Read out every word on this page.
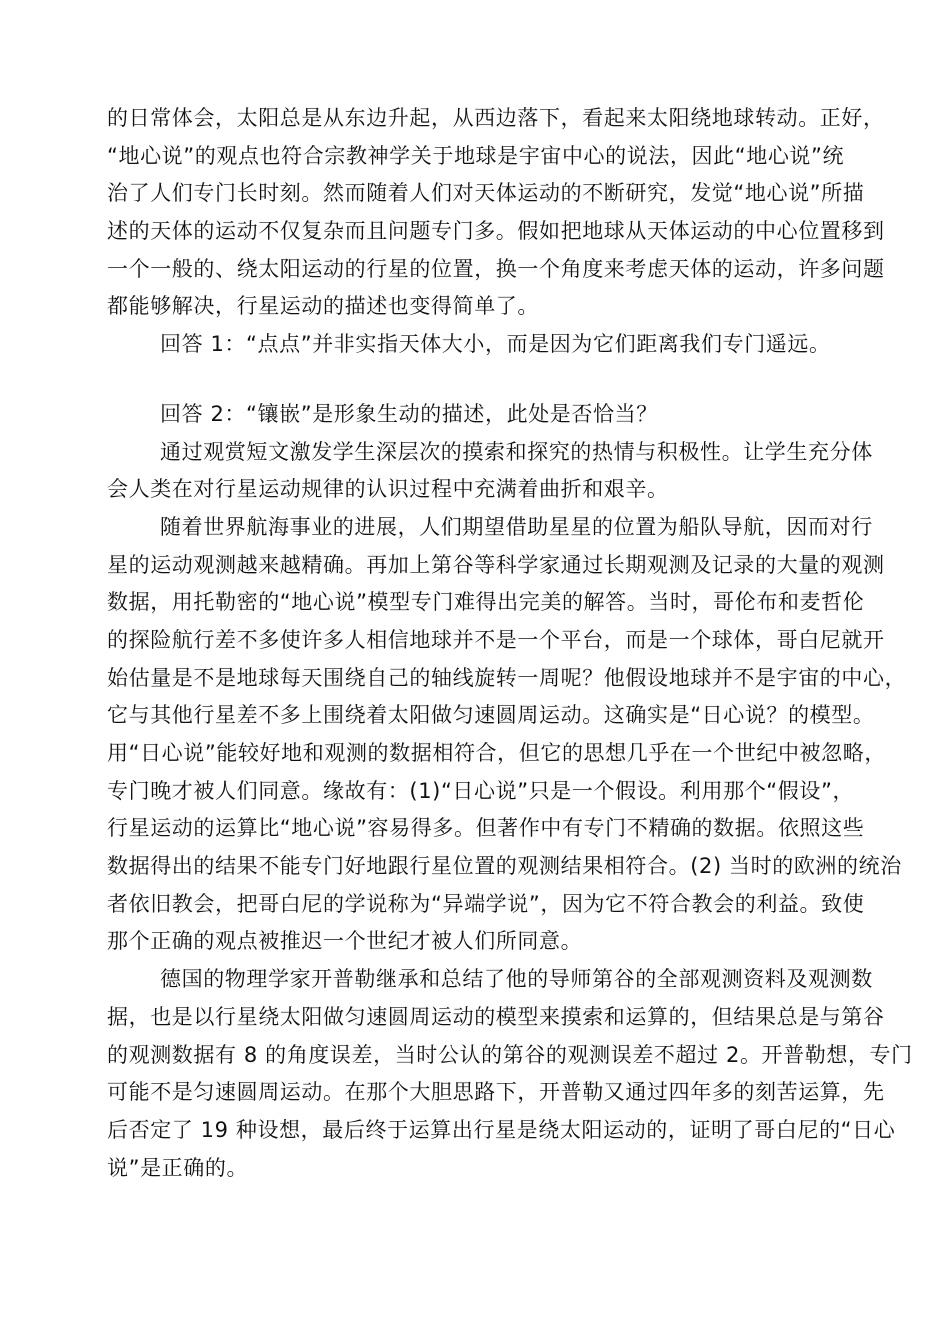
的日常体会，太阳总是从东边升起，从西边落下，看起来太阳绕地球转动。正好，
“地心说”的观点也符合宗教神学关于地球是宇宙中心的说法，因此“地心说”统
治了人们专门长时刻。然而随着人们对天体运动的不断研究，发觉“地心说”所描
述的天体的运动不仅复杂而且问题专门多。假如把地球从天体运动的中心位置移到
一个一般的、绕太阳运动的行星的位置，换一个角度来考虑天体的运动，许多问题
都能够解决，行星运动的描述也变得简单了。
回答 1：“点点”并非实指天体大小，而是因为它们距离我们专门遥远。
回答 2：“镶嵌”是形象生动的描述，此处是否恰当？
通过观赏短文激发学生深层次的摸索和探究的热情与积极性。让学生充分体
会人类在对行星运动规律的认识过程中充满着曲折和艰辛。
随着世界航海事业的进展，人们期望借助星星的位置为船队导航，因而对行
星的运动观测越来越精确。再加上第谷等科学家通过长期观测及记录的大量的观测
数据，用托勒密的“地心说”模型专门难得出完美的解答。当时，哥伦布和麦哲伦
的探险航行差不多使许多人相信地球并不是一个平台，而是一个球体，哥白尼就开
始估量是不是地球每天围绕自己的轴线旋转一周呢？他假设地球并不是宇宙的中心，
它与其他行星差不多上围绕着太阳做匀速圆周运动。这确实是“日心说？的模型。
用“日心说”能较好地和观测的数据相符合，但它的思想几乎在一个世纪中被忽略，
专门晚才被人们同意。缘故有：(1)“日心说”只是一个假设。利用那个“假设”，
行星运动的运算比“地心说”容易得多。但著作中有专门不精确的数据。依照这些
数据得出的结果不能专门好地跟行星位置的观测结果相符合。(2) 当时的欧洲的统治
者依旧教会，把哥白尼的学说称为“异端学说”，因为它不符合教会的利益。致使
那个正确的观点被推迟一个世纪才被人们所同意。
德国的物理学家开普勒继承和总结了他的导师第谷的全部观测资料及观测数
据，也是以行星绕太阳做匀速圆周运动的模型来摸索和运算的，但结果总是与第谷
的观测数据有 8 的角度误差，当时公认的第谷的观测误差不超过 2。开普勒想，专门
可能不是匀速圆周运动。在那个大胆思路下，开普勒又通过四年多的刻苦运算，先
后否定了 19 种设想，最后终于运算出行星是绕太阳运动的，证明了哥白尼的“日心
说”是正确的。
